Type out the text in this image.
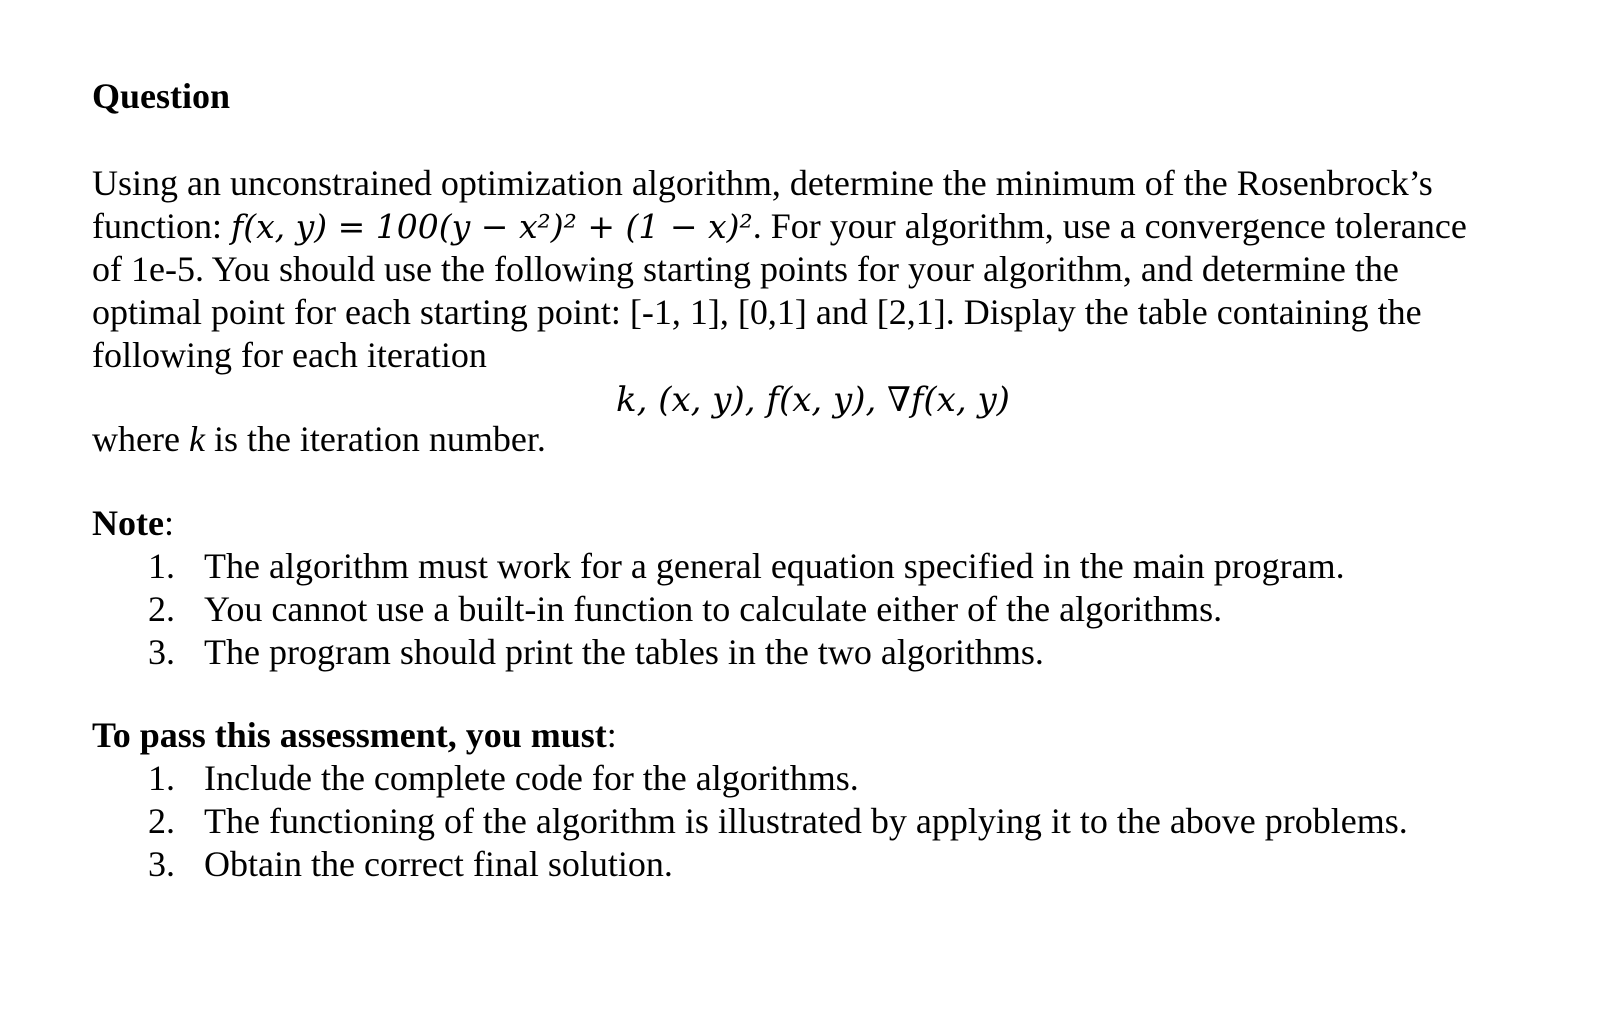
Question
Using an unconstrained optimization algorithm, determine the minimum of the Rosenbrock’s
function: f(x, y) = 100(y − x²)² + (1 − x)². For your algorithm, use a convergence tolerance
of 1e-5. You should use the following starting points for your algorithm, and determine the
optimal point for each starting point: [-1, 1], [0,1] and [2,1]. Display the table containing the
following for each iteration
k, (x, y), f(x, y), ∇f(x, y)
where k is the iteration number.
Note:
1. The algorithm must work for a general equation specified in the main program.
2. You cannot use a built-in function to calculate either of the algorithms.
3. The program should print the tables in the two algorithms.
To pass this assessment, you must:
1. Include the complete code for the algorithms.
2. The functioning of the algorithm is illustrated by applying it to the above problems.
3. Obtain the correct final solution.
